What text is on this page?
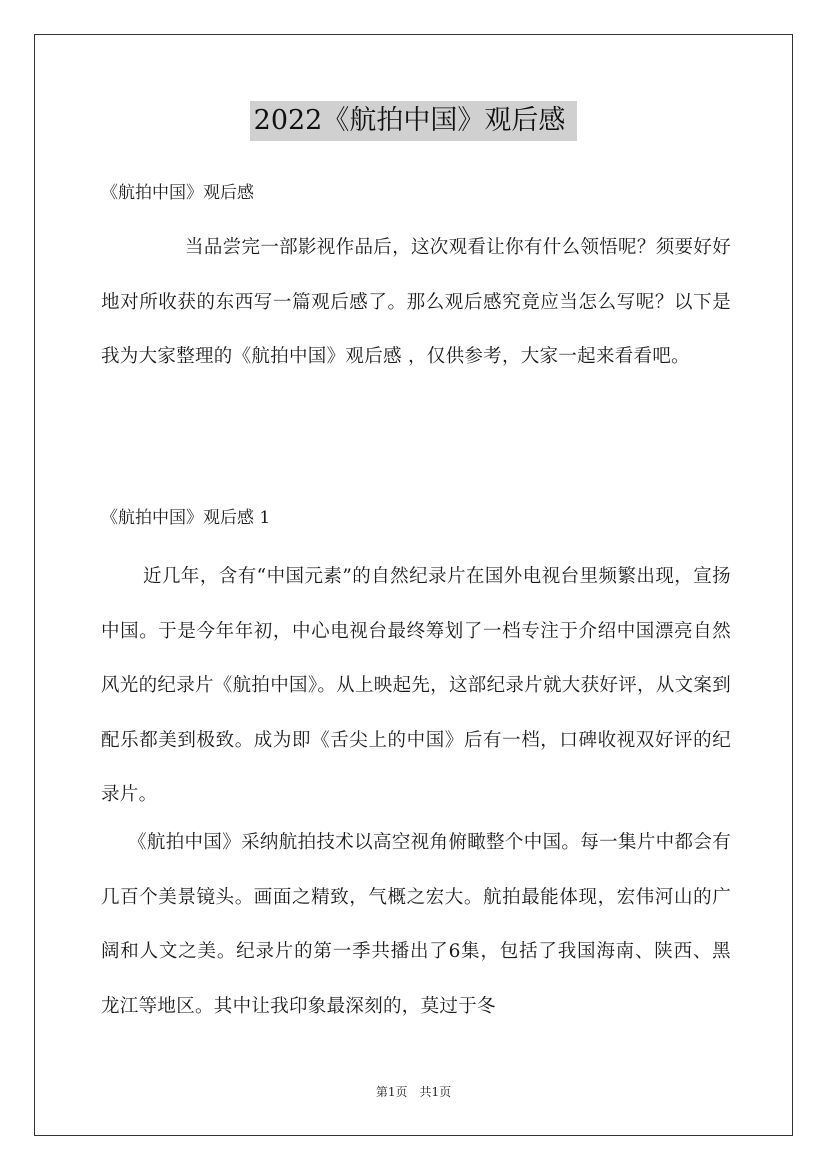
2022《航拍中国》观后感
《航拍中国》观后感

当品尝完一部影视作品后，这次观看让你有什么领悟呢？须要好好地对所收获的东西写一篇观后感了。那么观后感究竟应当怎么写呢？以下是我为大家整理的《航拍中国》观后感 ，仅供参考，大家一起来看看吧。

《航拍中国》观后感 1

近几年，含有“中国元素”的自然纪录片在国外电视台里频繁出现，宣扬中国。于是今年年初，中心电视台最终筹划了一档专注于介绍中国漂亮自然风光的纪录片《航拍中国》。从上映起先，这部纪录片就大获好评，从文案到配乐都美到极致。成为即《舌尖上的中国》后有一档，口碑收视双好评的纪录片。

《航拍中国》采纳航拍技术以高空视角俯瞰整个中国。每一集片中都会有几百个美景镜头。画面之精致，气概之宏大。航拍最能体现，宏伟河山的广阔和人文之美。纪录片的第一季共播出了6集，包括了我国海南、陕西、黑龙江等地区。其中让我印象最深刻的，莫过于冬

第1页　共1页
